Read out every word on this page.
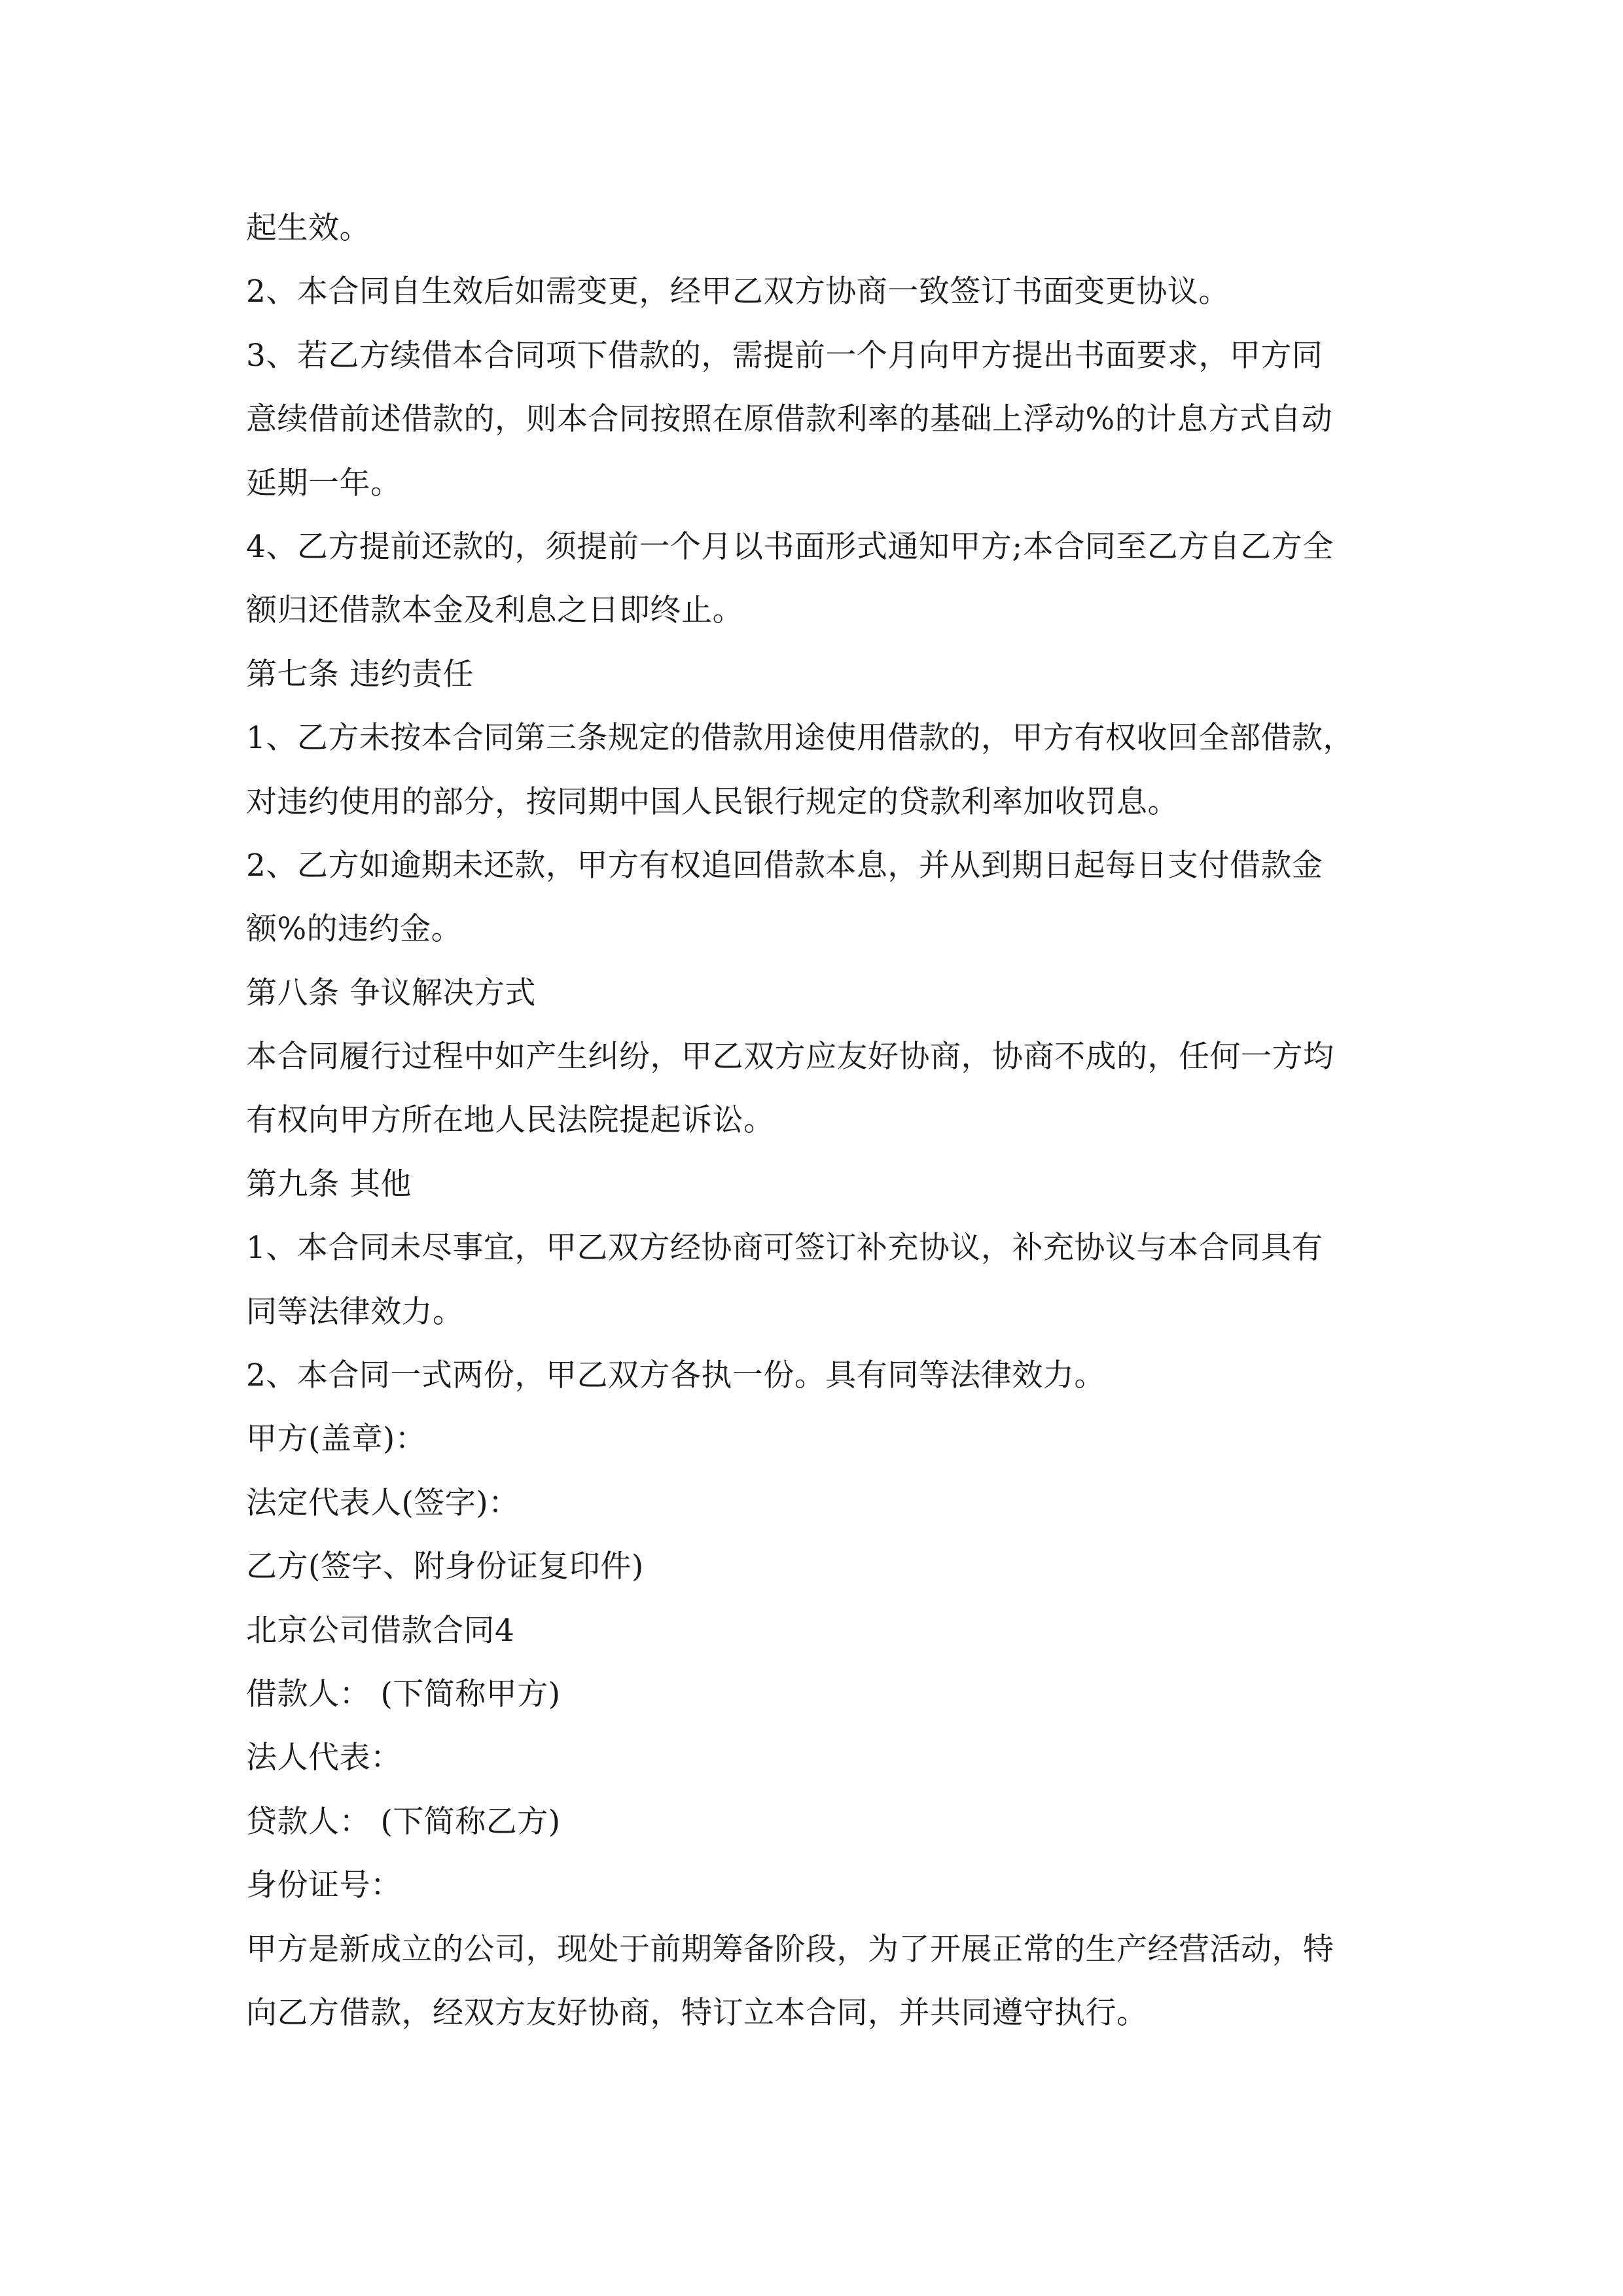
起生效。
2、本合同自生效后如需变更，经甲乙双方协商一致签订书面变更协议。
3、若乙方续借本合同项下借款的，需提前一个月向甲方提出书面要求，甲方同
意续借前述借款的，则本合同按照在原借款利率的基础上浮动%的计息方式自动
延期一年。
4、乙方提前还款的，须提前一个月以书面形式通知甲方;本合同至乙方自乙方全
额归还借款本金及利息之日即终止。
第七条 违约责任
1、乙方未按本合同第三条规定的借款用途使用借款的，甲方有权收回全部借款，
对违约使用的部分，按同期中国人民银行规定的贷款利率加收罚息。
2、乙方如逾期未还款，甲方有权追回借款本息，并从到期日起每日支付借款金
额%的违约金。
第八条 争议解决方式
本合同履行过程中如产生纠纷，甲乙双方应友好协商，协商不成的，任何一方均
有权向甲方所在地人民法院提起诉讼。
第九条 其他
1、本合同未尽事宜，甲乙双方经协商可签订补充协议，补充协议与本合同具有
同等法律效力。
2、本合同一式两份，甲乙双方各执一份。具有同等法律效力。
甲方(盖章)：
法定代表人(签字)：
乙方(签字、附身份证复印件)
北京公司借款合同4
借款人： (下简称甲方)
法人代表：
贷款人： (下简称乙方)
身份证号：
甲方是新成立的公司，现处于前期筹备阶段，为了开展正常的生产经营活动，特
向乙方借款，经双方友好协商，特订立本合同，并共同遵守执行。
